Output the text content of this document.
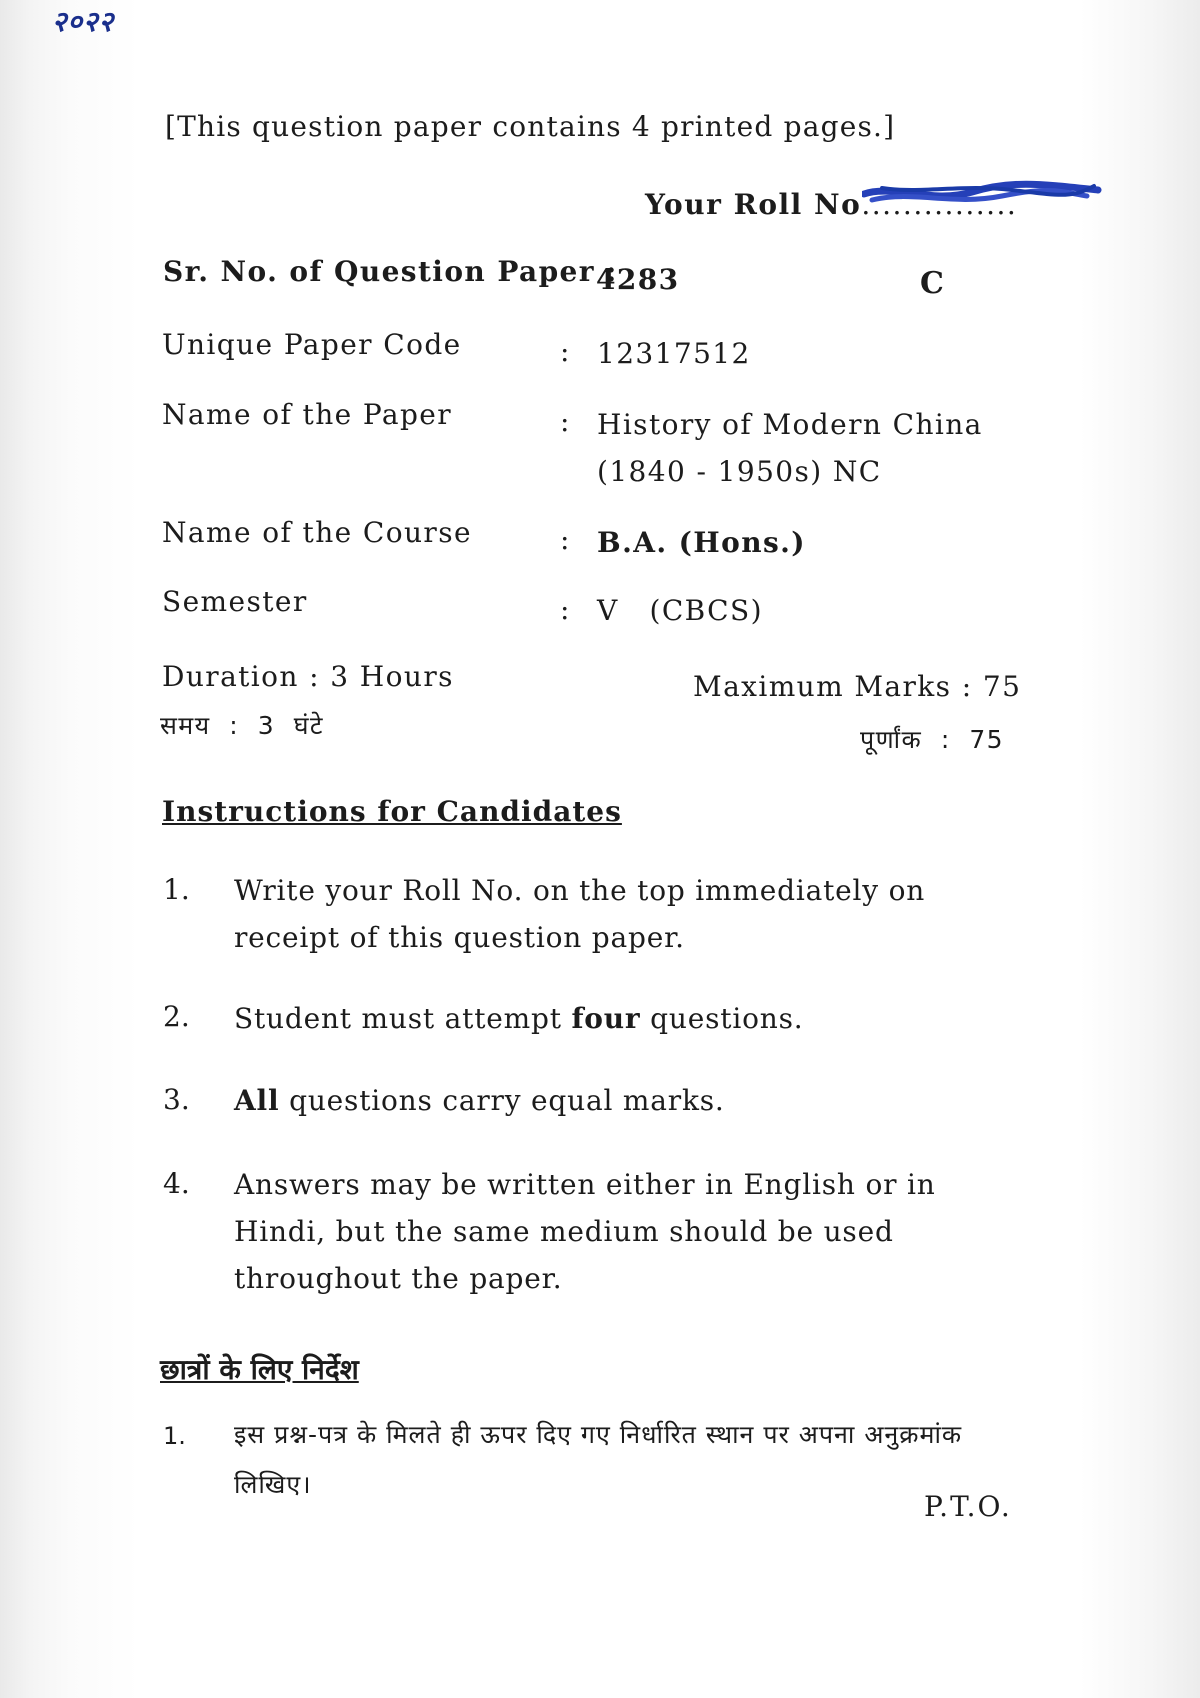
२०२२
[This question paper contains 4 printed pages.]
Your Roll No...............
Sr. No. of Question Paper :
4283	C
Unique Paper Code	: 12317512
Name of the Paper	: History of Modern China
(1840 - 1950s) NC
Name of the Course	: B.A. (Hons.)
Semester	: V   (CBCS)
Duration : 3 Hours
समय  :  3  घंटे
Maximum Marks : 75
पूर्णांक  :  75
Instructions for Candidates
1. Write your Roll No. on the top immediately on receipt of this question paper.
2. Student must attempt four questions.
3. All questions carry equal marks.
4. Answers may be written either in English or in Hindi, but the same medium should be used throughout the paper.
छात्रों के लिए निर्देश
1. इस प्रश्न-पत्र के मिलते ही ऊपर दिए गए निर्धारित स्थान पर अपना अनुक्रमांक लिखिए।
P.T.O.
